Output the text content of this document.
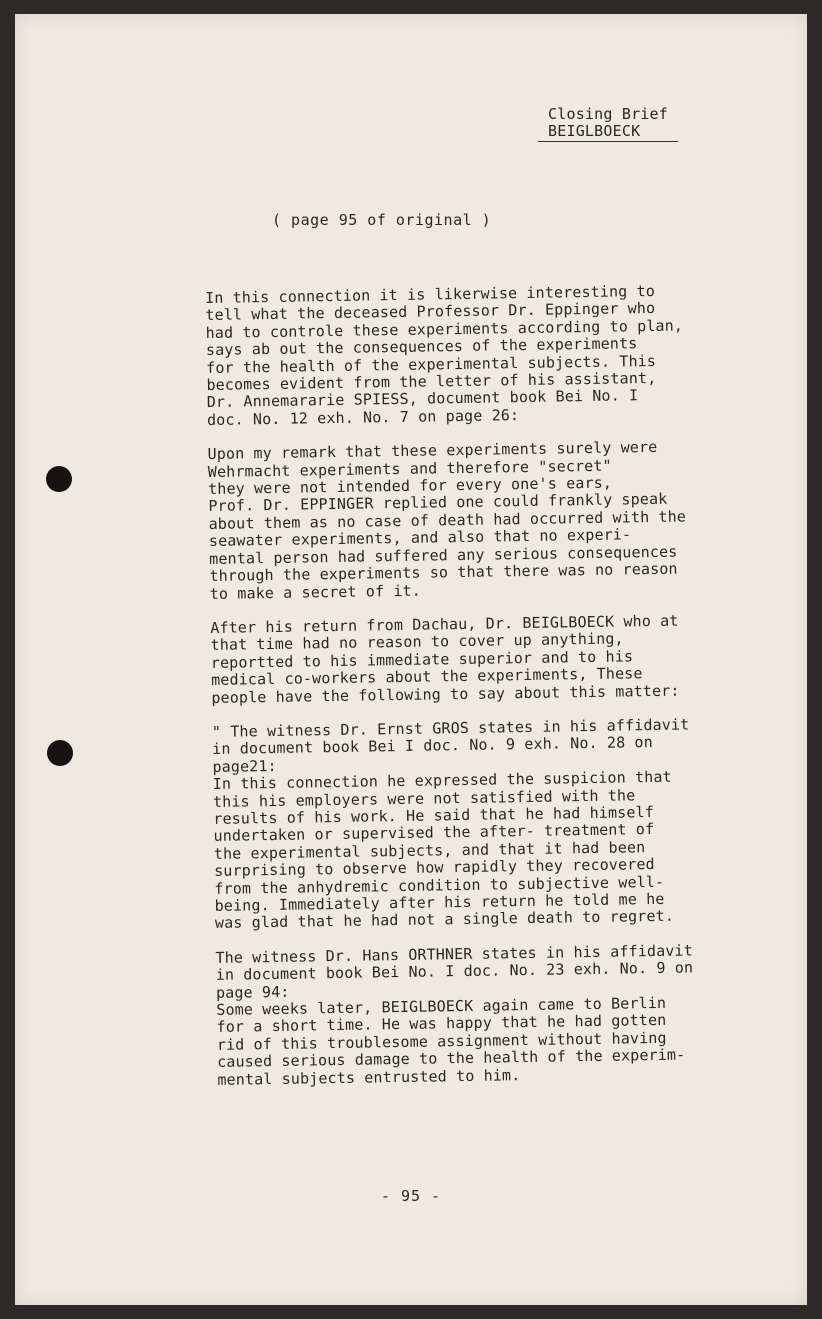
Closing Brief
BEIGLBOECK
( page 95 of original )

In this connection it is likerwise interesting to
tell what the deceased Professor Dr. Eppinger who
had to controle these experiments according to plan,
says ab out the consequences of the experiments
for the health of the experimental subjects. This
becomes evident from the letter of his assistant,
Dr. Annemararie SPIESS, document book Bei No. I
doc. No. 12 exh. No. 7 on page 26:

Upon my remark that these experiments surely were
Wehrmacht experiments and therefore "secret"
they were not intended for every one's ears,
Prof. Dr. EPPINGER replied one could frankly speak
about them as no case of death had occurred with the
seawater experiments, and also that no experi-
mental person had suffered any serious consequences
through the experiments so that there was no reason
to make a secret of it.

After his return from Dachau, Dr. BEIGLBOECK who at
that time had no reason to cover up anything,
reportted to his immediate superior and to his
medical co-workers about the experiments, These
people have the following to say about this matter:

" The witness Dr. Ernst GROS states in his affidavit
in document book Bei I doc. No. 9 exh. No. 28 on
page21:
In this connection he expressed the suspicion that
this his employers were not satisfied with the
results of his work. He said that he had himself
undertaken or supervised the after- treatment of
the experimental subjects, and that it had been
surprising to observe how rapidly they recovered
from the anhydremic condition to subjective well-
being. Immediately after his return he told me he
was glad that he had not a single death to regret.

The witness Dr. Hans ORTHNER states in his affidavit
in document book Bei No. I doc. No. 23 exh. No. 9 on
page 94:
Some weeks later, BEIGLBOECK again came to Berlin
for a short time. He was happy that he had gotten
rid of this troublesome assignment without having
caused serious damage to the health of the experim-
mental subjects entrusted to him.

- 95 -
